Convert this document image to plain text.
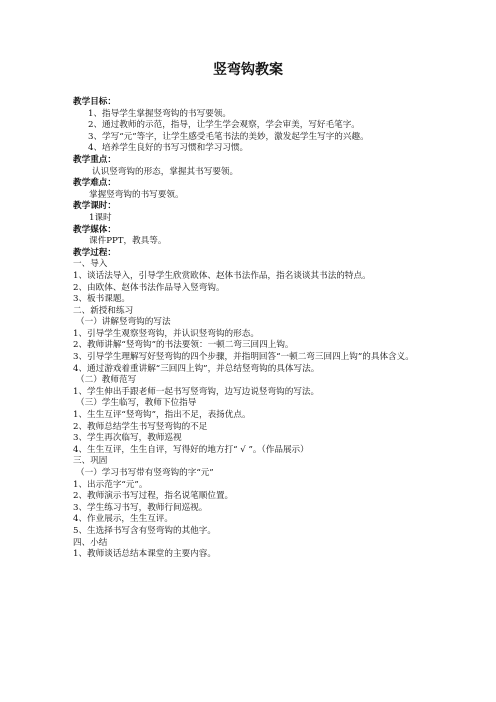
竖弯钩教案
教学目标：
1、指导学生掌握竖弯钩的书写要领。
2、通过教师的示范，指导，让学生学会观察，学会审美，写好毛笔字。
3、学写“元”等字，让学生感受毛笔书法的美妙，激发起学生写字的兴趣。
4、培养学生良好的书写习惯和学习习惯。
教学重点：
认识竖弯钩的形态，掌握其书写要领。
教学难点：
掌握竖弯钩的书写要领。
教学课时：
1课时
教学媒体：
课件PPT，教具等。
教学过程：
一、导入
1、谈话法导入，引导学生欣赏欧体、赵体书法作品，指名谈谈其书法的特点。
2、由欧体、赵体书法作品导入竖弯钩。
3、板书课题。
二、新授和练习
（一）讲解竖弯钩的写法
1、引导学生观察竖弯钩，并认识竖弯钩的形态。
2、教师讲解“竖弯钩”的书法要领：一顿二弯三回四上钩。
3、引导学生理解写好竖弯钩的四个步骤，并指明回答“一顿二弯三回四上钩”的具体含义。
4、通过游戏着重讲解“三回四上钩”，并总结竖弯钩的具体写法。
（二）教师范写
1、学生伸出手跟老师一起书写竖弯钩，边写边说竖弯钩的写法。
（三）学生临写，教师下位指导
1、生生互评“竖弯钩”，指出不足，表扬优点。
2、教师总结学生书写竖弯钩的不足
3、学生再次临写，教师巡视
4、生生互评，生生自评，写得好的地方打“ √ ”。（作品展示）
三、巩固
（一）学习书写带有竖弯钩的字“元”
1、出示范字“元”。
2、教师演示书写过程，指名说笔顺位置。
3、学生练习书写，教师行间巡视。
4、作业展示，生生互评。
5、生选择书写含有竖弯钩的其他字。
四、小结
1、教师谈话总结本课堂的主要内容。
